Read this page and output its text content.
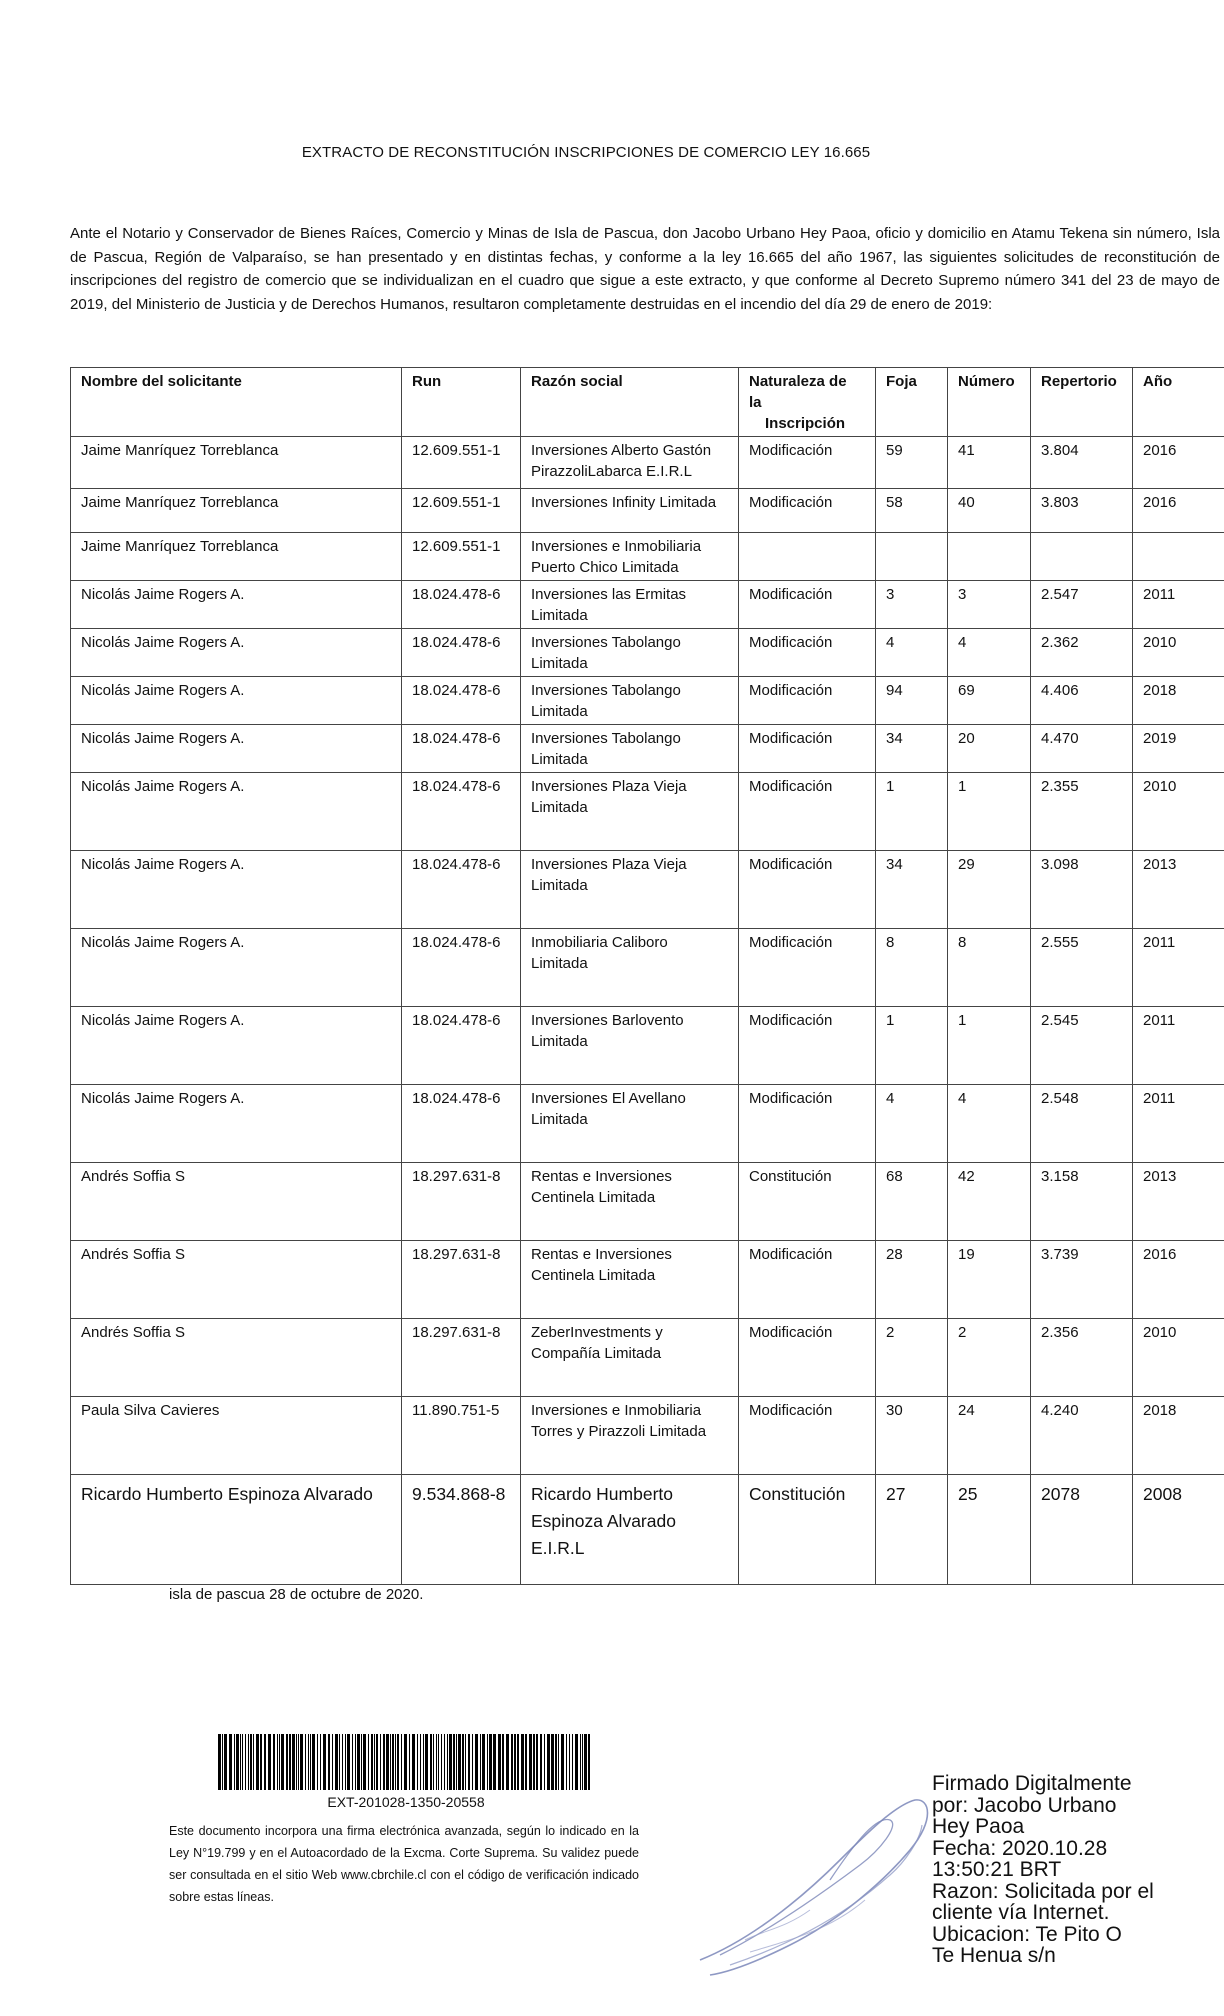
EXTRACTO DE RECONSTITUCIÓN INSCRIPCIONES DE COMERCIO LEY 16.665
Ante el Notario y Conservador de Bienes Raíces, Comercio y Minas de Isla de Pascua, don Jacobo Urbano Hey Paoa, oficio y domicilio en Atamu Tekena sin número, Isla de Pascua, Región de Valparaíso, se han presentado y en distintas fechas, y conforme a la ley 16.665 del año 1967, las siguientes solicitudes de reconstitución de inscripciones del registro de comercio que se individualizan en el cuadro que sigue a este extracto, y que conforme al Decreto Supremo número 341 del 23 de mayo de 2019, del Ministerio de Justicia y de Derechos Humanos, resultaron completamente destruidas en el incendio del día 29 de enero de 2019:
Nombre del solicitante	Run	Razón social	Naturaleza de
la
Inscripción	Foja	Número	Repertorio	Año
Jaime Manríquez Torreblanca	12.609.551-1	Inversiones Alberto Gastón PirazzoliLabarca E.I.R.L	Modificación	59	41	3.804	2016
Jaime Manríquez Torreblanca	12.609.551-1	Inversiones Infinity Limitada	Modificación	58	40	3.803	2016
Jaime Manríquez Torreblanca	12.609.551-1	Inversiones e Inmobiliaria Puerto Chico Limitada					
Nicolás Jaime Rogers A.	18.024.478-6	Inversiones las Ermitas Limitada	Modificación	3	3	2.547	2011
Nicolás Jaime Rogers A.	18.024.478-6	Inversiones Tabolango Limitada	Modificación	4	4	2.362	2010
Nicolás Jaime Rogers A.	18.024.478-6	Inversiones Tabolango Limitada	Modificación	94	69	4.406	2018
Nicolás Jaime Rogers A.	18.024.478-6	Inversiones Tabolango Limitada	Modificación	34	20	4.470	2019
Nicolás Jaime Rogers A.	18.024.478-6	Inversiones Plaza Vieja Limitada	Modificación	1	1	2.355	2010
Nicolás Jaime Rogers A.	18.024.478-6	Inversiones Plaza Vieja Limitada	Modificación	34	29	3.098	2013
Nicolás Jaime Rogers A.	18.024.478-6	Inmobiliaria Caliboro Limitada	Modificación	8	8	2.555	2011
Nicolás Jaime Rogers A.	18.024.478-6	Inversiones Barlovento Limitada	Modificación	1	1	2.545	2011
Nicolás Jaime Rogers A.	18.024.478-6	Inversiones El Avellano Limitada	Modificación	4	4	2.548	2011
Andrés Soffia S	18.297.631-8	Rentas e Inversiones Centinela Limitada	Constitución	68	42	3.158	2013
Andrés Soffia S	18.297.631-8	Rentas e Inversiones Centinela Limitada	Modificación	28	19	3.739	2016
Andrés Soffia S	18.297.631-8	ZeberInvestments y Compañía Limitada	Modificación	2	2	2.356	2010
Paula Silva Cavieres	11.890.751-5	Inversiones e Inmobiliaria Torres y Pirazzoli Limitada	Modificación	30	24	4.240	2018
Ricardo Humberto Espinoza Alvarado	9.534.868-8	Ricardo Humberto Espinoza Alvarado E.I.R.L	Constitución	27	25	2078	2008
isla de pascua 28 de octubre de 2020.
EXT-201028-1350-20558
Este documento incorpora una firma electrónica avanzada, según lo indicado en la Ley N°19.799 y en el Autoacordado de la Excma. Corte Suprema. Su validez puede ser consultada en el sitio Web www.cbrchile.cl con el código de verificación indicado sobre estas líneas.
Firmado Digitalmente
por: Jacobo Urbano
Hey Paoa
Fecha: 2020.10.28
13:50:21 BRT
Razon: Solicitada por el
cliente vía Internet.
Ubicacion: Te Pito O
Te Henua s/n
